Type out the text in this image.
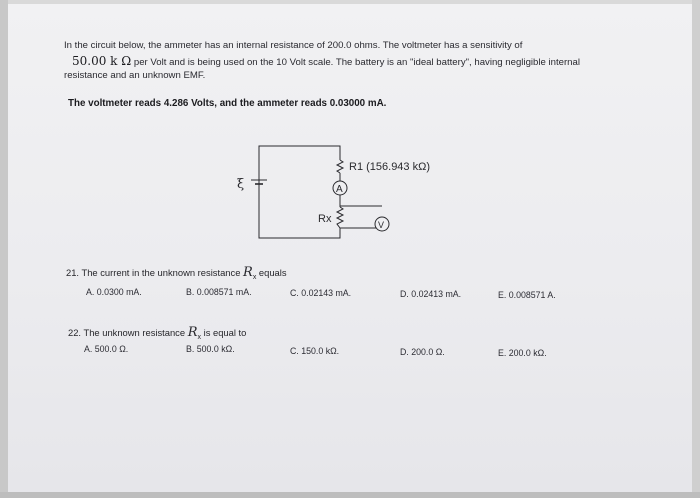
In the circuit below, the ammeter has an internal resistance of 200.0 ohms. The voltmeter has a sensitivity of
50.00 k Ω per Volt and is being used on the 10 Volt scale. The battery is an "ideal battery", having negligible internal
resistance and an unknown EMF.
The voltmeter reads 4.286 Volts, and the ammeter reads 0.03000 mA.
ξ
R1 (156.943 kΩ)
A
Rx	V
21. The current in the unknown resistance $R_x$ equals
A. 0.0300 mA.	B. 0.008571 mA.	C. 0.02143 mA.	D. 0.02413 mA.	E. 0.008571 A.
22. The unknown resistance $R_x$ is equal to
A. 500.0 Ω.	B. 500.0 kΩ.	C. 150.0 kΩ.	D. 200.0 Ω.	E. 200.0 kΩ.
